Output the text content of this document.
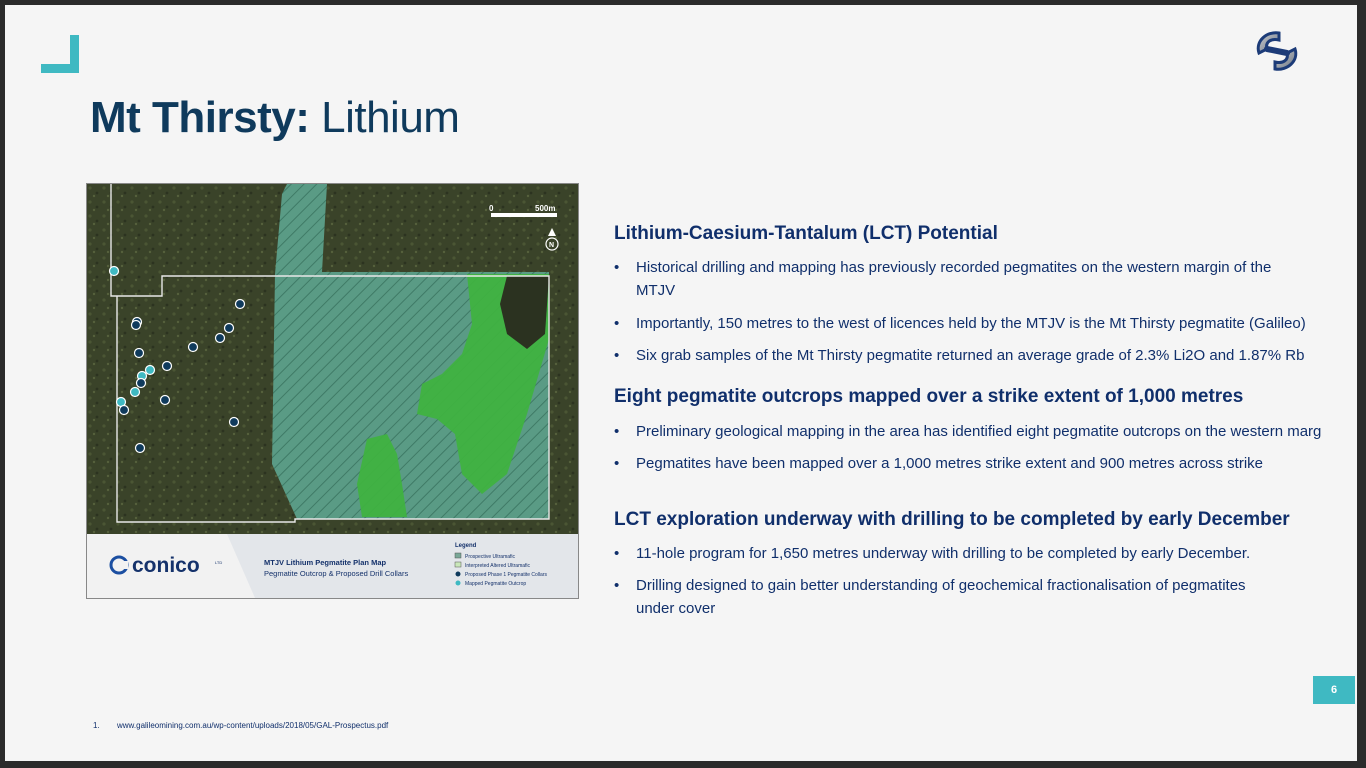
Mt Thirsty: Lithium
0	500m
N
conico	LTD	MTJV Lithium Pegmatite Plan Map
Pegmatite Outcrop & Proposed Drill Collars
Legend
Prospective Ultramafic
Interpreted Altered Ultramafic
Proposed Phase 1 Pegmatite Collars
Mapped Pegmatite Outcrop
Lithium-Caesium-Tantalum (LCT) Potential
• Historical drilling and mapping has previously recorded pegmatites on the western margin of the
MTJV
• Importantly, 150 metres to the west of licences held by the MTJV is the Mt Thirsty pegmatite (Galileo)
• Six grab samples of the Mt Thirsty pegmatite returned an average grade of 2.3% Li2O and 1.87% Rb
Eight pegmatite outcrops mapped over a strike extent of 1,000 metres
• Preliminary geological mapping in the area has identified eight pegmatite outcrops on the western marg
• Pegmatites have been mapped over a 1,000 metres strike extent and 900 metres across strike
LCT exploration underway with drilling to be completed by early December
• 11-hole program for 1,650 metres underway with drilling to be completed by early December.
• Drilling designed to gain better understanding of geochemical fractionalisation of pegmatites
under cover
6
1. www.galileomining.com.au/wp-content/uploads/2018/05/GAL-Prospectus.pdf
